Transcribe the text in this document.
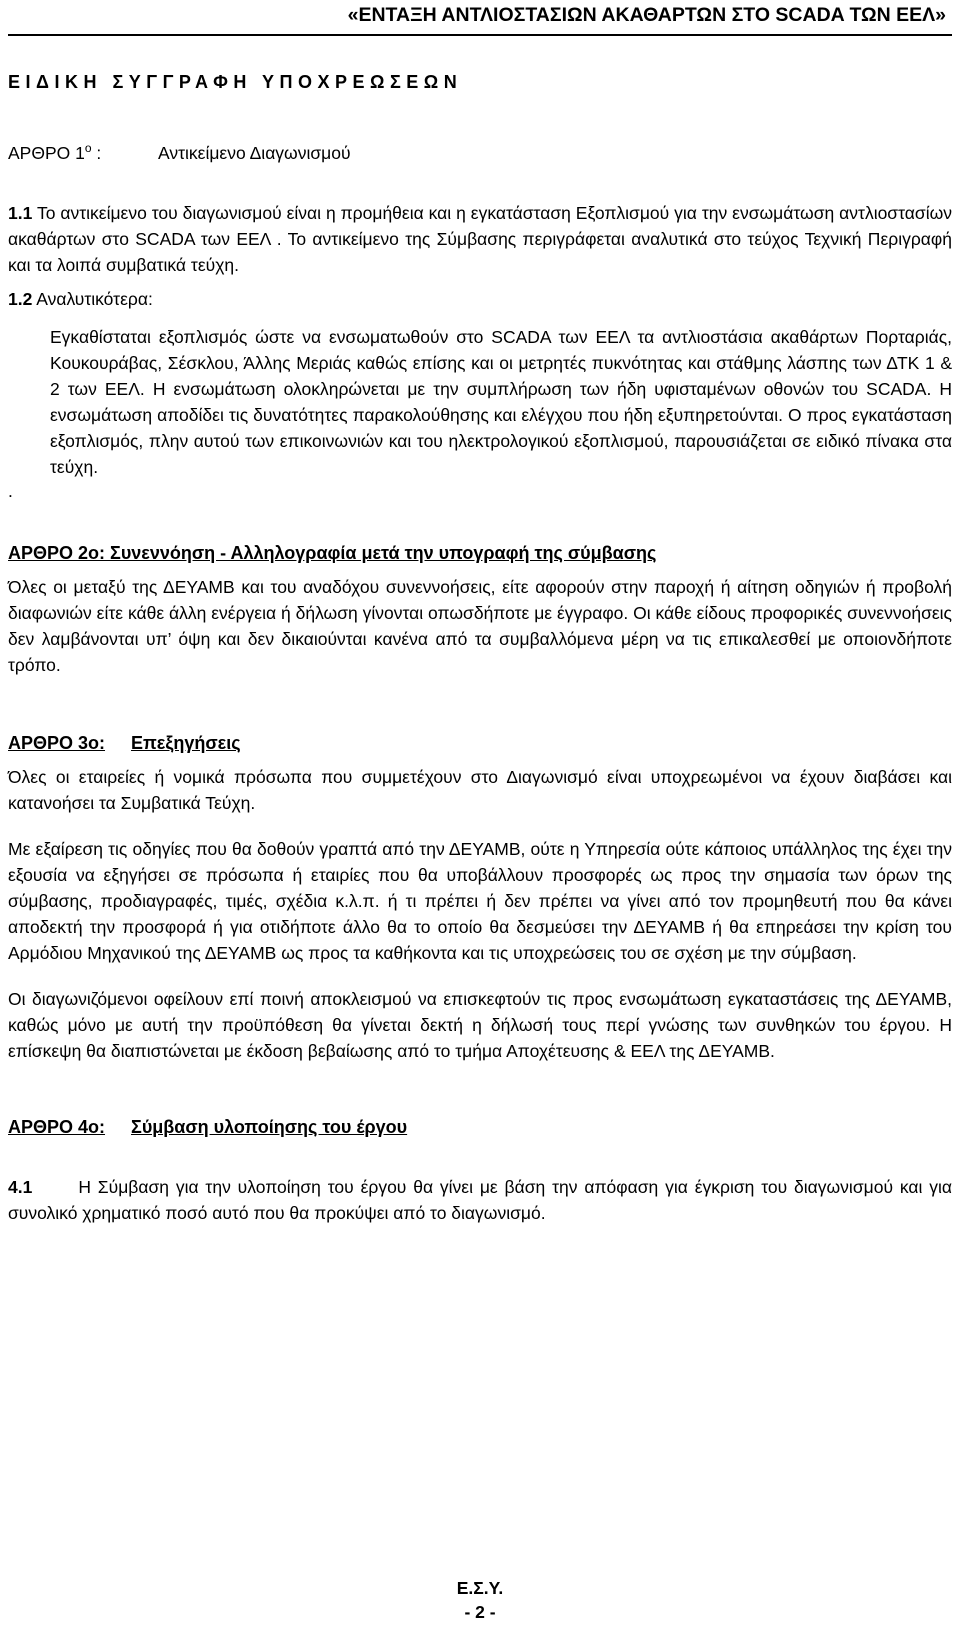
«ΕΝΤΑΞΗ ΑΝΤΛΙΟΣΤΑΣΙΩΝ ΑΚΑΘΑΡΤΩΝ ΣΤΟ SCADA ΤΩΝ ΕΕΛ»
ΕΙΔΙΚΗ ΣΥΓΓΡΑΦΗ ΥΠΟΧΡΕΩΣΕΩΝ
ΑΡΘΡΟ $1^o$ :	Αντικείμενο Διαγωνισμού

1.1 Το αντικείμενο του διαγωνισμού είναι η προμήθεια και η εγκατάσταση Εξοπλισμού για την ενσωμάτωση αντλιοστασίων ακαθάρτων στο SCADA των ΕΕΛ . Το αντικείμενο της Σύμβασης περιγράφεται αναλυτικά στο τεύχος Τεχνική Περιγραφή και τα λοιπά συμβατικά τεύχη.

1.2 Αναλυτικότερα:

Εγκαθίσταται εξοπλισμός ώστε να ενσωματωθούν στο SCADA των ΕΕΛ τα αντλιοστάσια ακαθάρτων Πορταριάς, Κουκουράβας, Σέσκλου, Άλλης Μεριάς καθώς επίσης και οι μετρητές πυκνότητας και στάθμης λάσπης των ΔΤΚ 1 & 2 των ΕΕΛ. Η ενσωμάτωση ολοκληρώνεται με την συμπλήρωση των ήδη υφισταμένων οθονών του SCADA. Η ενσωμάτωση αποδίδει τις δυνατότητες παρακολούθησης και ελέγχου που ήδη εξυπηρετούνται. Ο προς εγκατάσταση εξοπλισμός, πλην αυτού των επικοινωνιών και του ηλεκτρολογικού εξοπλισμού, παρουσιάζεται σε ειδικό πίνακα στα τεύχη.

.

ΑΡΘΡΟ 2ο: Συνεννόηση - Αλληλογραφία μετά την υπογραφή της σύμβασης

Όλες οι μεταξύ της ΔΕΥΑΜΒ και του αναδόχου συνεννοήσεις, είτε αφορούν στην παροχή ή αίτηση οδηγιών ή προβολή διαφωνιών είτε κάθε άλλη ενέργεια ή δήλωση γίνονται οπωσδήποτε με έγγραφο. Οι κάθε είδους προφορικές συνεννοήσεις δεν λαμβάνονται υπ’ όψη και δεν δικαιούνται κανένα από τα συμβαλλόμενα μέρη να τις επικαλεσθεί με οποιονδήποτε τρόπο.

ΑΡΘΡΟ 3ο: Επεξηγήσεις

Όλες οι εταιρείες ή νομικά πρόσωπα που συμμετέχουν στο Διαγωνισμό είναι υποχρεωμένοι να έχουν διαβάσει και κατανοήσει τα Συμβατικά Τεύχη.

Με εξαίρεση τις οδηγίες που θα δοθούν γραπτά από την ΔΕΥΑΜΒ, ούτε η Υπηρεσία ούτε κάποιος υπάλληλος της έχει την εξουσία να εξηγήσει σε πρόσωπα ή εταιρίες που θα υποβάλλουν προσφορές ως προς την σημασία των όρων της σύμβασης, προδιαγραφές, τιμές, σχέδια κ.λ.π. ή τι πρέπει ή δεν πρέπει να γίνει από τον προμηθευτή που θα κάνει αποδεκτή την προσφορά ή για οτιδήποτε άλλο θα το οποίο θα δεσμεύσει την ΔΕΥΑΜΒ ή θα επηρεάσει την κρίση του Αρμόδιου Μηχανικού της ΔΕΥΑΜΒ ως προς τα καθήκοντα και τις υποχρεώσεις του σε σχέση με την σύμβαση.

Οι διαγωνιζόμενοι οφείλουν επί ποινή αποκλεισμού να επισκεφτούν τις προς ενσωμάτωση εγκαταστάσεις της ΔΕΥΑΜΒ, καθώς μόνο με αυτή την προϋπόθεση θα γίνεται δεκτή η δήλωσή τους περί γνώσης των συνθηκών του έργου. Η επίσκεψη θα διαπιστώνεται με έκδοση βεβαίωσης από το τμήμα Αποχέτευσης & ΕΕΛ της ΔΕΥΑΜΒ.

ΑΡΘΡΟ 4ο: Σύμβαση υλοποίησης του έργου

4.1	Η Σύμβαση για την υλοποίηση του έργου θα γίνει με βάση την απόφαση για έγκριση του διαγωνισμού και για συνολικό χρηματικό ποσό αυτό που θα προκύψει από το διαγωνισμό.

Ε.Σ.Υ.
- 2 -
